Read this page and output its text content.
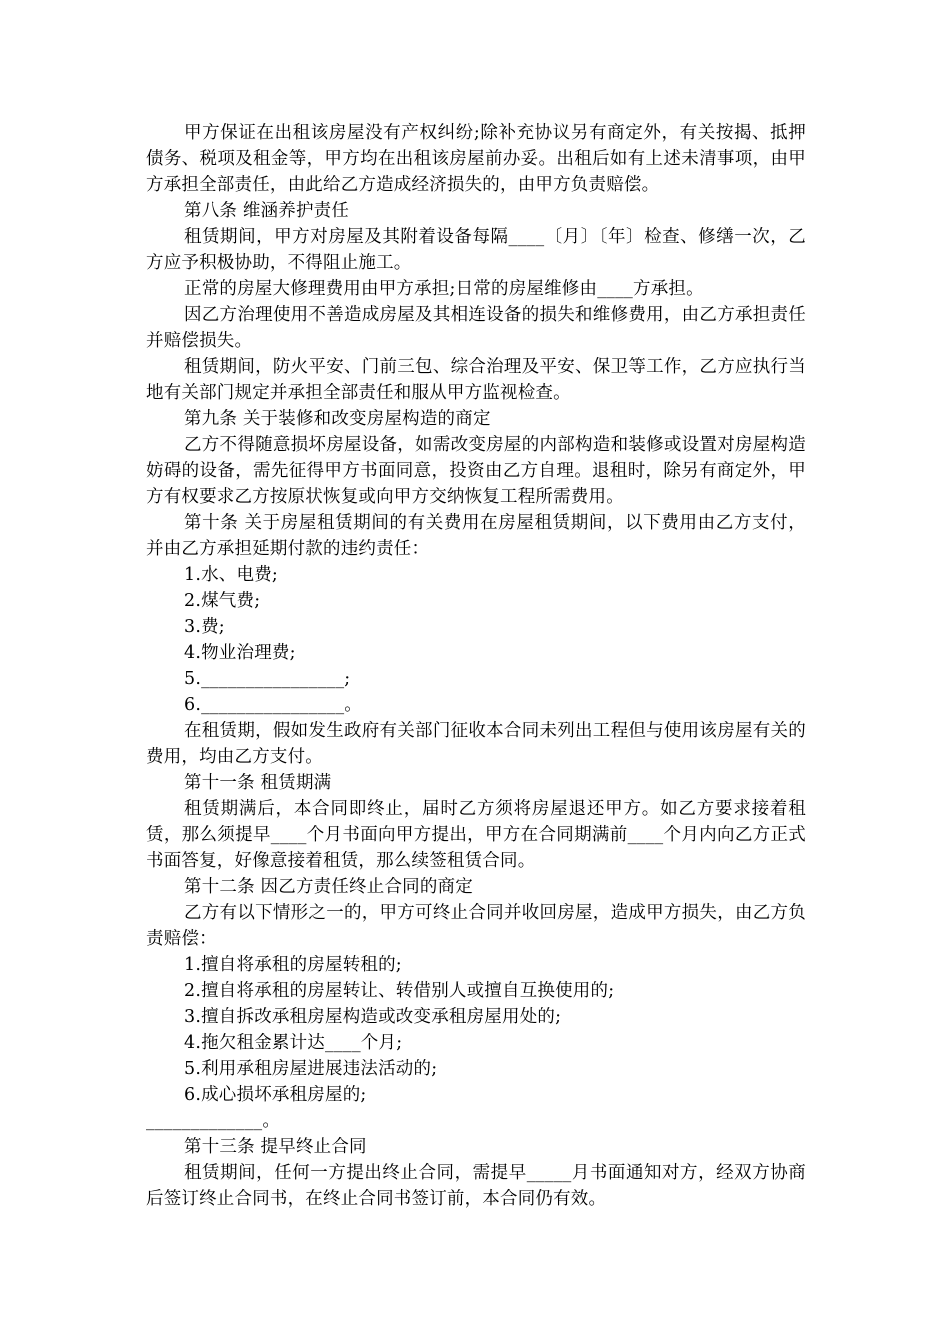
甲方保证在出租该房屋没有产权纠纷;除补充协议另有商定外，有关按揭、抵押债务、税项及租金等，甲方均在出租该房屋前办妥。出租后如有上述未清事项，由甲方承担全部责任，由此给乙方造成经济损失的，由甲方负责赔偿。

第八条 维涵养护责任

租赁期间，甲方对房屋及其附着设备每隔____〔月〕〔年〕检查、修缮一次，乙方应予积极协助，不得阻止施工。

正常的房屋大修理费用由甲方承担;日常的房屋维修由____方承担。

因乙方治理使用不善造成房屋及其相连设备的损失和维修费用，由乙方承担责任并赔偿损失。

租赁期间，防火平安、门前三包、综合治理及平安、保卫等工作，乙方应执行当地有关部门规定并承担全部责任和服从甲方监视检查。

第九条 关于装修和改变房屋构造的商定

乙方不得随意损坏房屋设备，如需改变房屋的内部构造和装修或设置对房屋构造妨碍的设备，需先征得甲方书面同意，投资由乙方自理。退租时，除另有商定外，甲方有权要求乙方按原状恢复或向甲方交纳恢复工程所需费用。

第十条 关于房屋租赁期间的有关费用在房屋租赁期间，以下费用由乙方支付，并由乙方承担延期付款的违约责任：

1.水、电费;

2.煤气费;

3.费;

4.物业治理费;

5.________________;

6.________________。

在租赁期，假如发生政府有关部门征收本合同未列出工程但与使用该房屋有关的费用，均由乙方支付。

第十一条 租赁期满

租赁期满后，本合同即终止，届时乙方须将房屋退还甲方。如乙方要求接着租赁，那么须提早____个月书面向甲方提出，甲方在合同期满前____个月内向乙方正式书面答复，好像意接着租赁，那么续签租赁合同。

第十二条 因乙方责任终止合同的商定

乙方有以下情形之一的，甲方可终止合同并收回房屋，造成甲方损失，由乙方负责赔偿：

1.擅自将承租的房屋转租的;

2.擅自将承租的房屋转让、转借别人或擅自互换使用的;

3.擅自拆改承租房屋构造或改变承租房屋用处的;

4.拖欠租金累计达____个月;

5.利用承租房屋进展违法活动的;

6.成心损坏承租房屋的;

_____________。

第十三条 提早终止合同

租赁期间，任何一方提出终止合同，需提早_____月书面通知对方，经双方协商后签订终止合同书，在终止合同书签订前，本合同仍有效。
